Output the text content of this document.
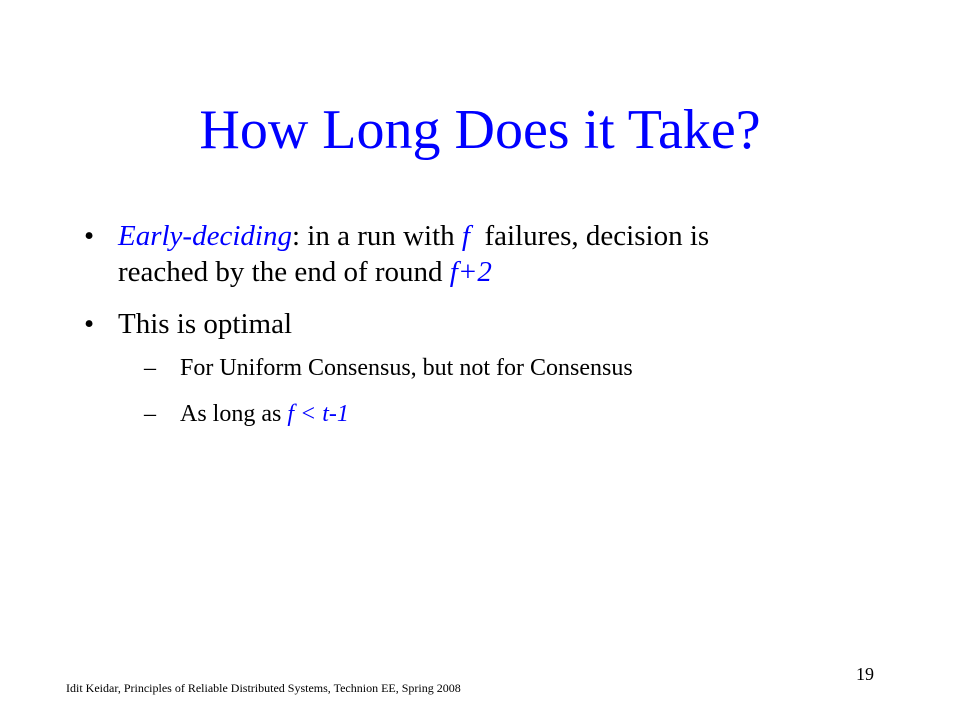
How Long Does it Take?
• Early-deciding: in a run with f  failures, decision is
reached by the end of round f+2
• This is optimal
– For Uniform Consensus, but not for Consensus
– As long as f < t-1
19
Idit Keidar, Principles of Reliable Distributed Systems, Technion EE, Spring 2008
